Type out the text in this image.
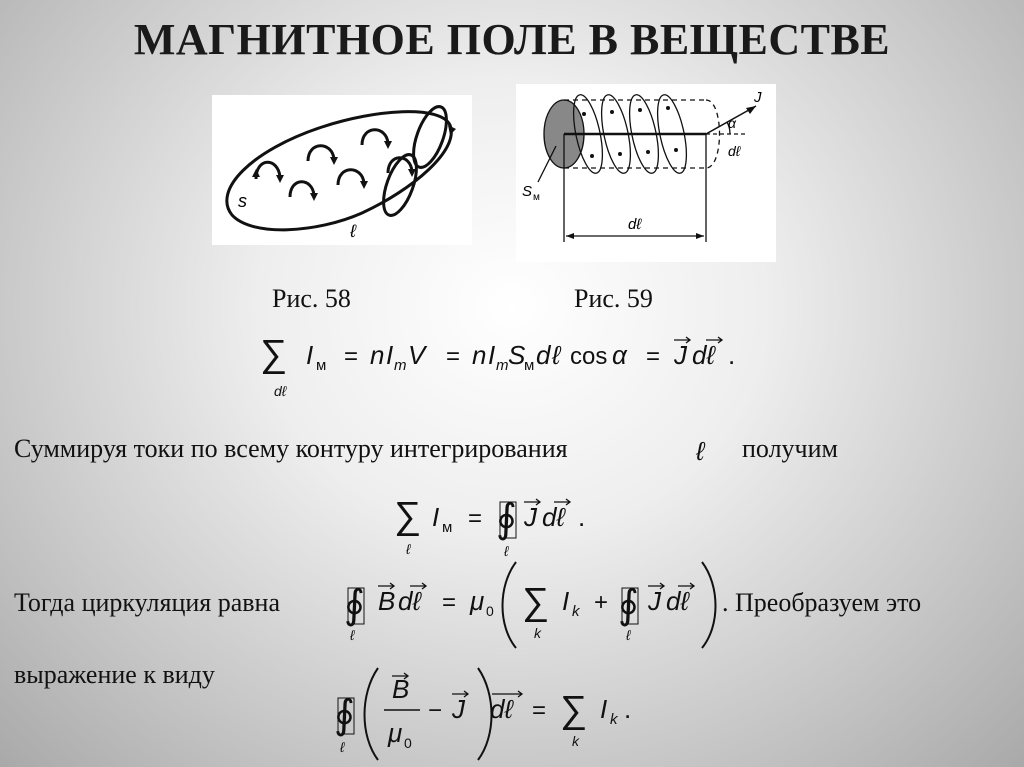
МАГНИТНОЕ ПОЛЕ В ВЕЩЕСТВЕ
s
ℓ
J
α
dℓ
S м
dℓ
Рис. 58	Рис. 59
∑
dℓ
I м = n I m V = n I m S
м d ℓ cos α = J dℓ .
Суммируя токи по всему контуру интегрирования	ℓ получим
∑
ℓ
I м = ∮
ℓ
J dℓ .
Тогда циркуляция равна ∮
ℓ
B dℓ = μ 0 ∑
k
I k + ∮
ℓ
J dℓ . Преобразуем это
выражение к виду
∮
ℓ
B
μ 0
− J dℓ = ∑
k
I k .
